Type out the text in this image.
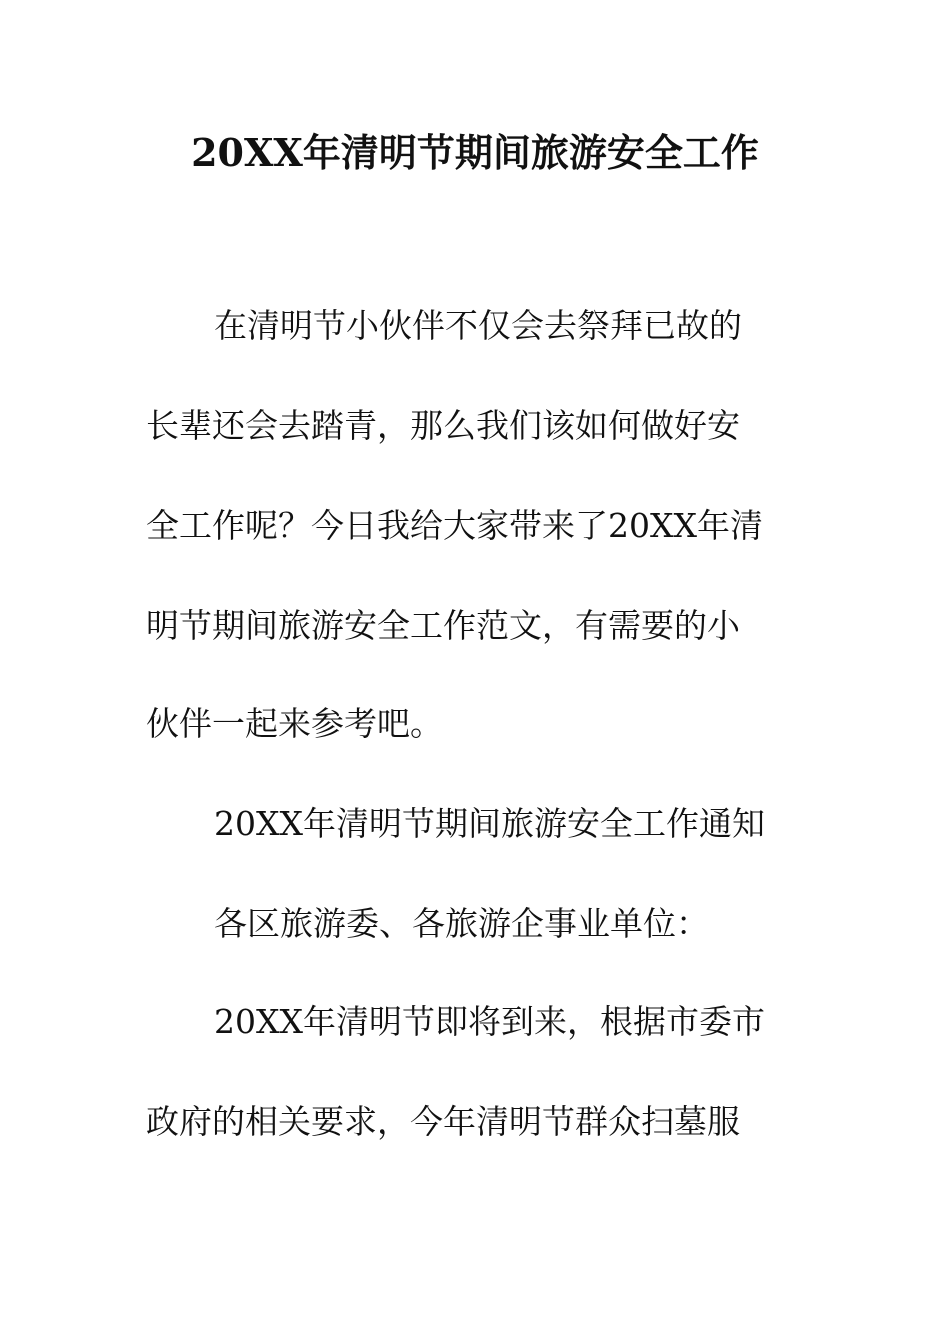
20XX年清明节期间旅游安全工作
在清明节小伙伴不仅会去祭拜已故的
长辈还会去踏青，那么我们该如何做好安
全工作呢？今日我给大家带来了20XX年清
明节期间旅游安全工作范文，有需要的小
伙伴一起来参考吧。
20XX年清明节期间旅游安全工作通知
各区旅游委、各旅游企事业单位：
20XX年清明节即将到来，根据市委市
政府的相关要求，今年清明节群众扫墓服
